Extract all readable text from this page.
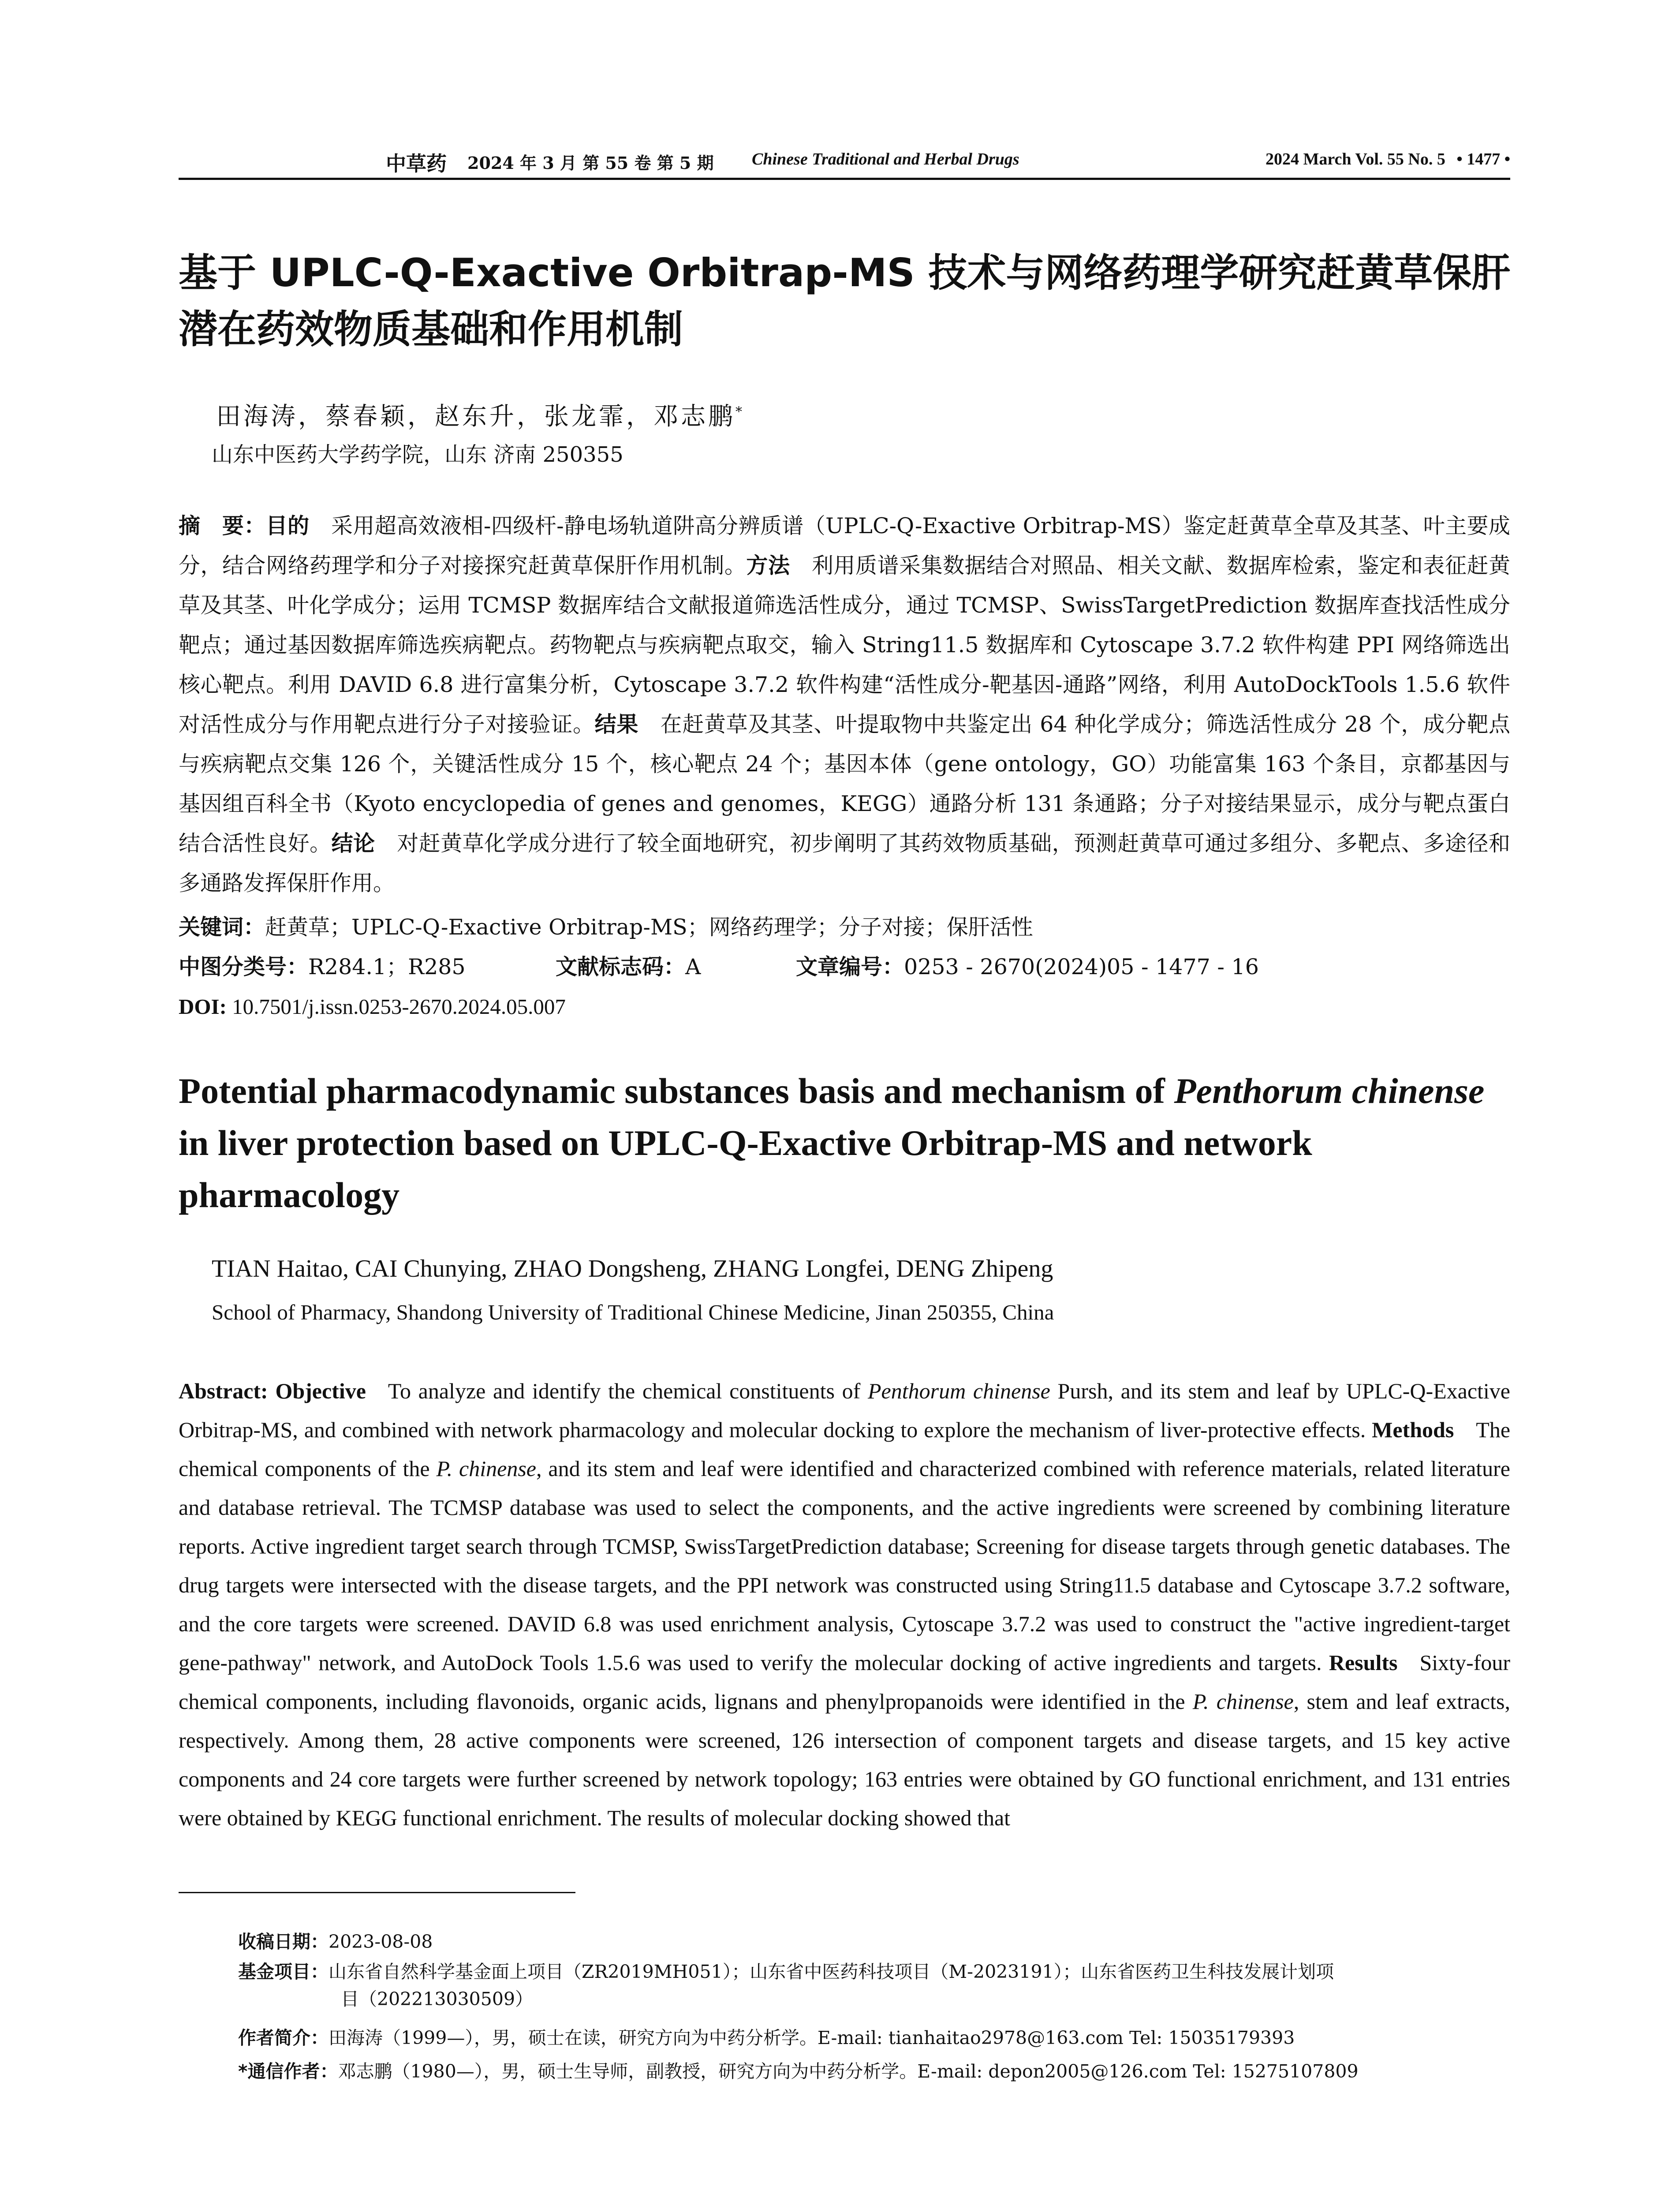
中草药 2024 年 3 月 第 55 卷 第 5 期 Chinese Traditional and Herbal Drugs	2024 March Vol. 55 No. 5 • 1477 •
基于 UPLC-Q-Exactive Orbitrap-MS 技术与网络药理学研究赶黄草保肝
潜在药效物质基础和作用机制
田海涛，蔡春颖，赵东升，张龙霏，邓志鹏*
山东中医药大学药学院，山东 济南 250355
摘　要：目的  采用超高效液相-四级杆-静电场轨道阱高分辨质谱（UPLC-Q-Exactive Orbitrap-MS）鉴定赶黄草全草及其茎、叶主要成分，结合网络药理学和分子对接探究赶黄草保肝作用机制。方法  利用质谱采集数据结合对照品、相关文献、数据库检索，鉴定和表征赶黄草及其茎、叶化学成分；运用 TCMSP 数据库结合文献报道筛选活性成分，通过 TCMSP、SwissTargetPrediction 数据库查找活性成分靶点；通过基因数据库筛选疾病靶点。药物靶点与疾病靶点取交，输入 String11.5 数据库和 Cytoscape 3.7.2 软件构建 PPI 网络筛选出核心靶点。利用 DAVID 6.8 进行富集分析，Cytoscape 3.7.2 软件构建“活性成分-靶基因-通路”网络，利用 AutoDockTools 1.5.6 软件对活性成分与作用靶点进行分子对接验证。结果  在赶黄草及其茎、叶提取物中共鉴定出 64 种化学成分；筛选活性成分 28 个，成分靶点与疾病靶点交集 126 个，关键活性成分 15 个，核心靶点 24 个；基因本体（gene ontology，GO）功能富集 163 个条目，京都基因与基因组百科全书（Kyoto encyclopedia of genes and genomes，KEGG）通路分析 131 条通路；分子对接结果显示，成分与靶点蛋白结合活性良好。结论  对赶黄草化学成分进行了较全面地研究，初步阐明了其药效物质基础，预测赶黄草可通过多组分、多靶点、多途径和多通路发挥保肝作用。
关键词：赶黄草；UPLC-Q-Exactive Orbitrap-MS；网络药理学；分子对接；保肝活性
中图分类号：R284.1；R285	文献标志码：A	文章编号：0253 - 2670(2024)05 - 1477 - 16
DOI: 10.7501/j.issn.0253-2670.2024.05.007
Potential pharmacodynamic substances basis and mechanism of Penthorum chinense in liver protection based on UPLC-Q-Exactive Orbitrap-MS and network pharmacology
TIAN Haitao, CAI Chunying, ZHAO Dongsheng, ZHANG Longfei, DENG Zhipeng
School of Pharmacy, Shandong University of Traditional Chinese Medicine, Jinan 250355, China
Abstract: Objective  To analyze and identify the chemical constituents of Penthorum chinense Pursh, and its stem and leaf by UPLC-Q-Exactive Orbitrap-MS, and combined with network pharmacology and molecular docking to explore the mechanism of liver-protective effects. Methods  The chemical components of the P. chinense, and its stem and leaf were identified and characterized combined with reference materials, related literature and database retrieval. The TCMSP database was used to select the components, and the active ingredients were screened by combining literature reports. Active ingredient target search through TCMSP, SwissTargetPrediction database; Screening for disease targets through genetic databases. The drug targets were intersected with the disease targets, and the PPI network was constructed using String11.5 database and Cytoscape 3.7.2 software, and the core targets were screened. DAVID 6.8 was used enrichment analysis, Cytoscape 3.7.2 was used to construct the "active ingredient-target gene-pathway" network, and AutoDock Tools 1.5.6 was used to verify the molecular docking of active ingredients and targets. Results  Sixty-four chemical components, including flavonoids, organic acids, lignans and phenylpropanoids were identified in the P. chinense, stem and leaf extracts, respectively. Among them, 28 active components were screened, 126 intersection of component targets and disease targets, and 15 key active components and 24 core targets were further screened by network topology; 163 entries were obtained by GO functional enrichment, and 131 entries were obtained by KEGG functional enrichment. The results of molecular docking showed that
收稿日期：2023-08-08
基金项目：山东省自然科学基金面上项目（ZR2019MH051）；山东省中医药科技项目（M-2023191）；山东省医药卫生科技发展计划项
目（202213030509）
作者简介：田海涛（1999—），男，硕士在读，研究方向为中药分析学。E-mail: tianhaitao2978@163.com Tel: 15035179393
*通信作者：邓志鹏（1980—），男，硕士生导师，副教授，研究方向为中药分析学。E-mail: depon2005@126.com Tel: 15275107809
